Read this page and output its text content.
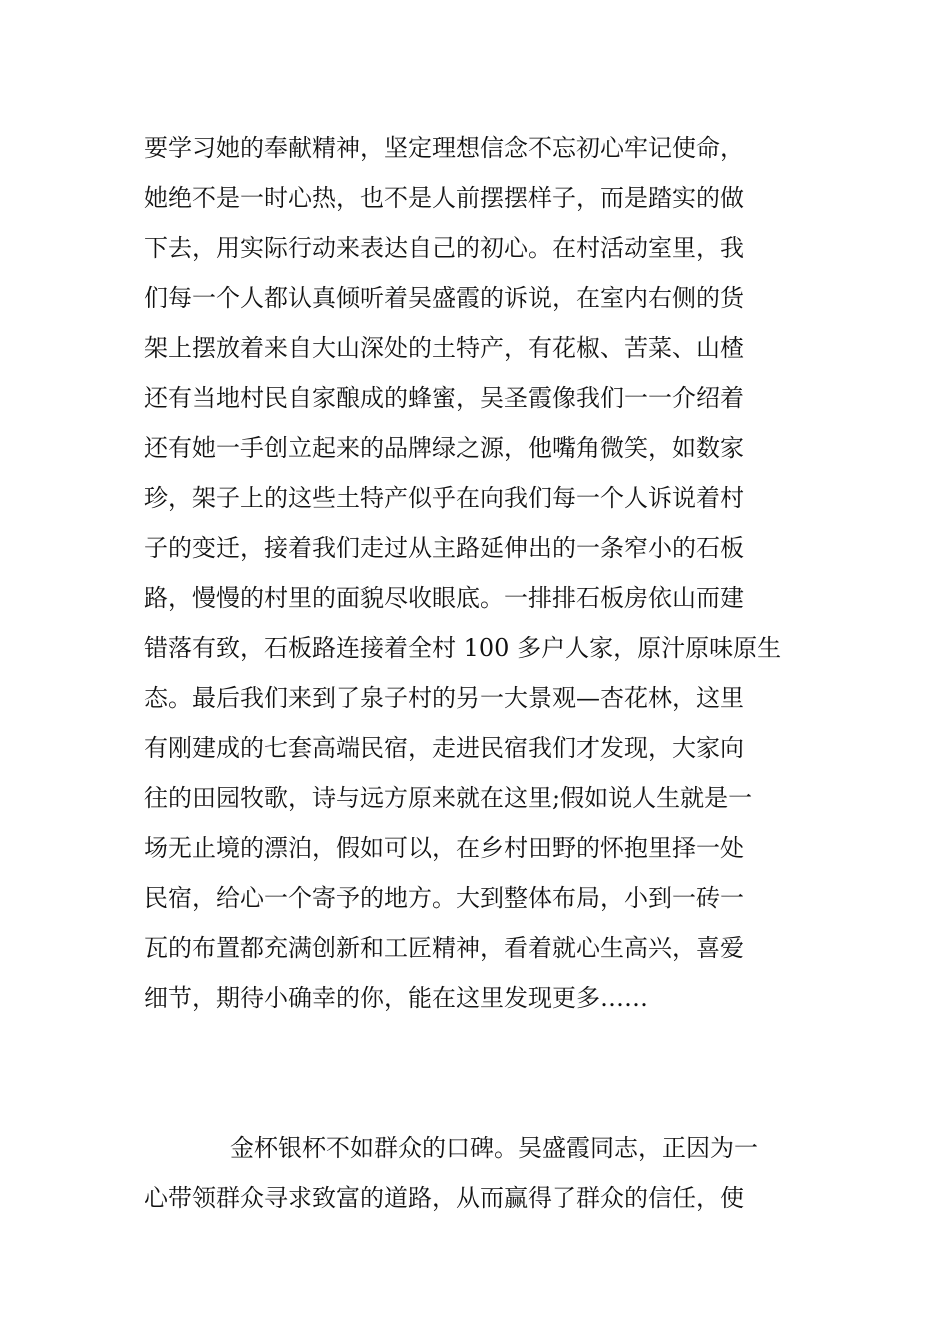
要学习她的奉献精神，坚定理想信念不忘初心牢记使命，

她绝不是一时心热，也不是人前摆摆样子，而是踏实的做

下去，用实际行动来表达自己的初心。在村活动室里，我

们每一个人都认真倾听着吴盛霞的诉说，在室内右侧的货

架上摆放着来自大山深处的土特产，有花椒、苦菜、山楂

还有当地村民自家酿成的蜂蜜，吴圣霞像我们一一介绍着

还有她一手创立起来的品牌绿之源，他嘴角微笑，如数家

珍，架子上的这些土特产似乎在向我们每一个人诉说着村

子的变迁，接着我们走过从主路延伸出的一条窄小的石板

路，慢慢的村里的面貌尽收眼底。一排排石板房依山而建

错落有致，石板路连接着全村 100 多户人家，原汁原味原生

态。最后我们来到了泉子村的另一大景观—杏花林，这里

有刚建成的七套高端民宿，走进民宿我们才发现，大家向

往的田园牧歌，诗与远方原来就在这里;假如说人生就是一

场无止境的漂泊，假如可以，在乡村田野的怀抱里择一处

民宿，给心一个寄予的地方。大到整体布局，小到一砖一

瓦的布置都充满创新和工匠精神，看着就心生高兴，喜爱

细节，期待小确幸的你，能在这里发现更多……

金杯银杯不如群众的口碑。吴盛霞同志，正因为一

心带领群众寻求致富的道路，从而赢得了群众的信任，使
